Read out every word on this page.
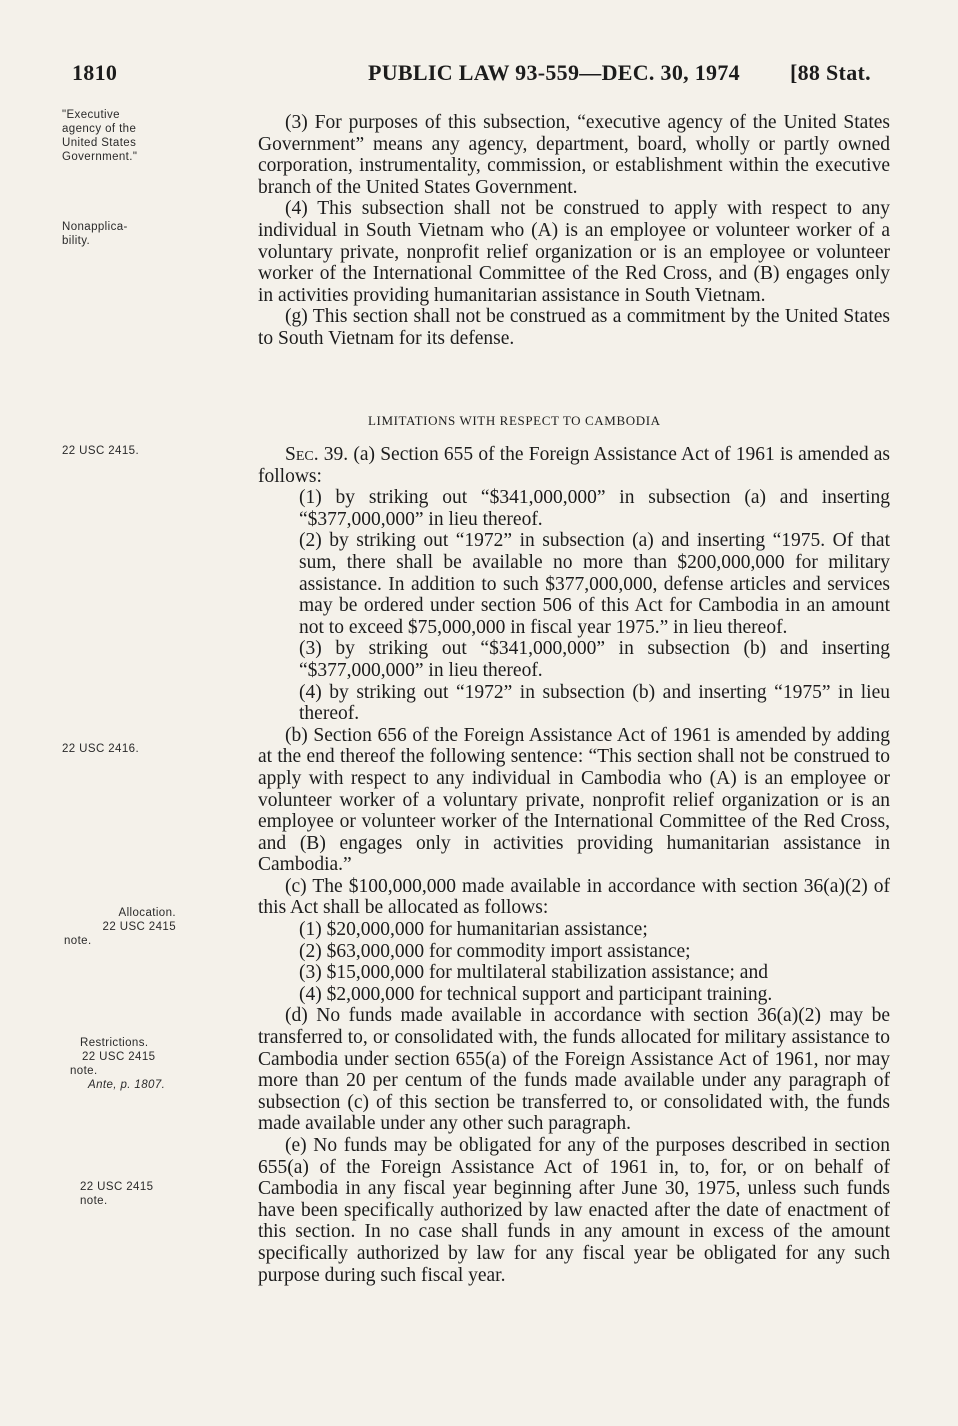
1810	PUBLIC LAW 93-559—DEC. 30, 1974 [88 Stat.
"Executive
agency of the
United States
Government."
Nonapplica-
bility.
22 USC 2415.
22 USC 2416.
Allocation.
22 USC 2415
note.
Restrictions.
22 USC 2415
note.
Ante, p. 1807.
22 USC 2415
note.

(3) For purposes of this subsection, “executive agency of the United States Government” means any agency, department, board, wholly or partly owned corporation, instrumentality, commission, or establishment within the executive branch of the United States Government.

(4) This subsection shall not be construed to apply with respect to any individual in South Vietnam who (A) is an employee or volunteer worker of a voluntary private, nonprofit relief organization or is an employee or volunteer worker of the International Committee of the Red Cross, and (B) engages only in activities providing humanitarian assistance in South Vietnam.

(g) This section shall not be construed as a commitment by the United States to South Vietnam for its defense.

LIMITATIONS WITH RESPECT TO CAMBODIA

Sec. 39. (a) Section 655 of the Foreign Assistance Act of 1961 is amended as follows:

(1) by striking out “$341,000,000” in subsection (a) and inserting “$377,000,000” in lieu thereof.

(2) by striking out “1972” in subsection (a) and inserting “1975. Of that sum, there shall be available no more than $200,000,000 for military assistance. In addition to such $377,000,000, defense articles and services may be ordered under section 506 of this Act for Cambodia in an amount not to exceed $75,000,000 in fiscal year 1975.” in lieu thereof.

(3) by striking out “$341,000,000” in subsection (b) and inserting “$377,000,000” in lieu thereof.

(4) by striking out “1972” in subsection (b) and inserting “1975” in lieu thereof.

(b) Section 656 of the Foreign Assistance Act of 1961 is amended by adding at the end thereof the following sentence: “This section shall not be construed to apply with respect to any individual in Cambodia who (A) is an employee or volunteer worker of a voluntary private, nonprofit relief organization or is an employee or volunteer worker of the International Committee of the Red Cross, and (B) engages only in activities providing humanitarian assistance in Cambodia.”

(c) The $100,000,000 made available in accordance with section 36(a)(2) of this Act shall be allocated as follows:

(1) $20,000,000 for humanitarian assistance;

(2) $63,000,000 for commodity import assistance;

(3) $15,000,000 for multilateral stabilization assistance; and

(4) $2,000,000 for technical support and participant training.

(d) No funds made available in accordance with section 36(a)(2) may be transferred to, or consolidated with, the funds allocated for military assistance to Cambodia under section 655(a) of the Foreign Assistance Act of 1961, nor may more than 20 per centum of the funds made available under any paragraph of subsection (c) of this section be transferred to, or consolidated with, the funds made available under any other such paragraph.

(e) No funds may be obligated for any of the purposes described in section 655(a) of the Foreign Assistance Act of 1961 in, to, for, or on behalf of Cambodia in any fiscal year beginning after June 30, 1975, unless such funds have been specifically authorized by law enacted after the date of enactment of this section. In no case shall funds in any amount in excess of the amount specifically authorized by law for any fiscal year be obligated for any such purpose during such fiscal year.
